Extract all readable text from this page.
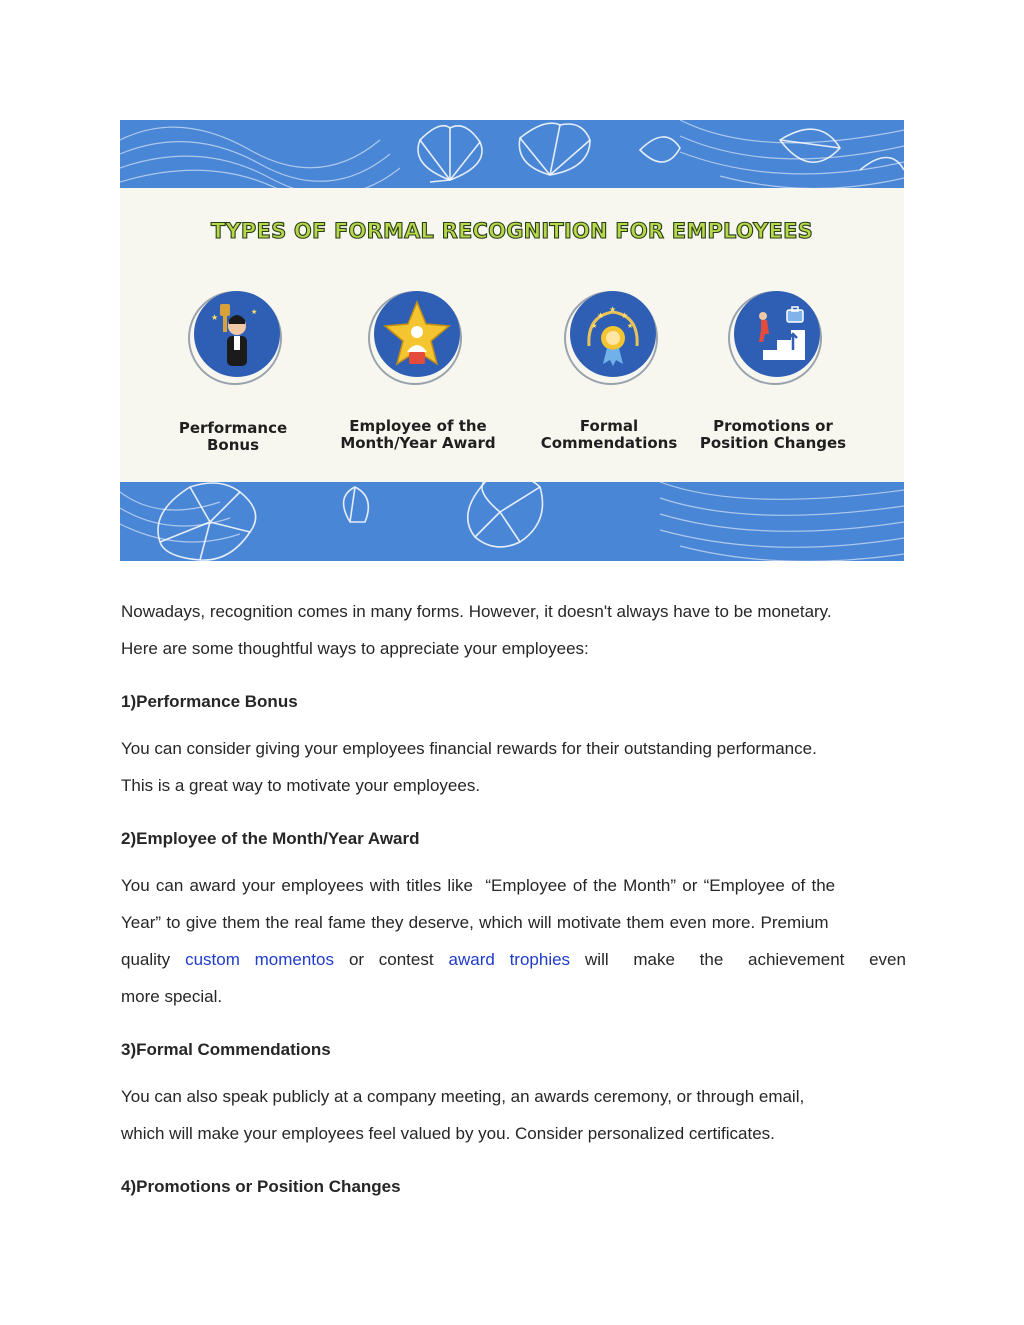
TYPES OF FORMAL RECOGNITION FOR EMPLOYEES
★
★
Performance
Bonus
Employee of the
Month/Year Award
★
★
★
★	★
Formal
Commendations
Promotions or
Position Changes
Nowadays, recognition comes in many forms. However, it doesn't always have to be monetary.
Here are some thoughtful ways to appreciate your employees:
1)Performance Bonus
You can consider giving your employees financial rewards for their outstanding performance.
This is a great way to motivate your employees.
2)Employee of the Month/Year Award
You can award your employees with titles like  “Employee of the Month” or “Employee of the
Year” to give them the real fame they deserve, which will motivate them even more. Premium
quality custom momentos or contest award trophies will make the achievement even
more special.
3)Formal Commendations
You can also speak publicly at a company meeting, an awards ceremony, or through email,
which will make your employees feel valued by you. Consider personalized certificates.
4)Promotions or Position Changes
